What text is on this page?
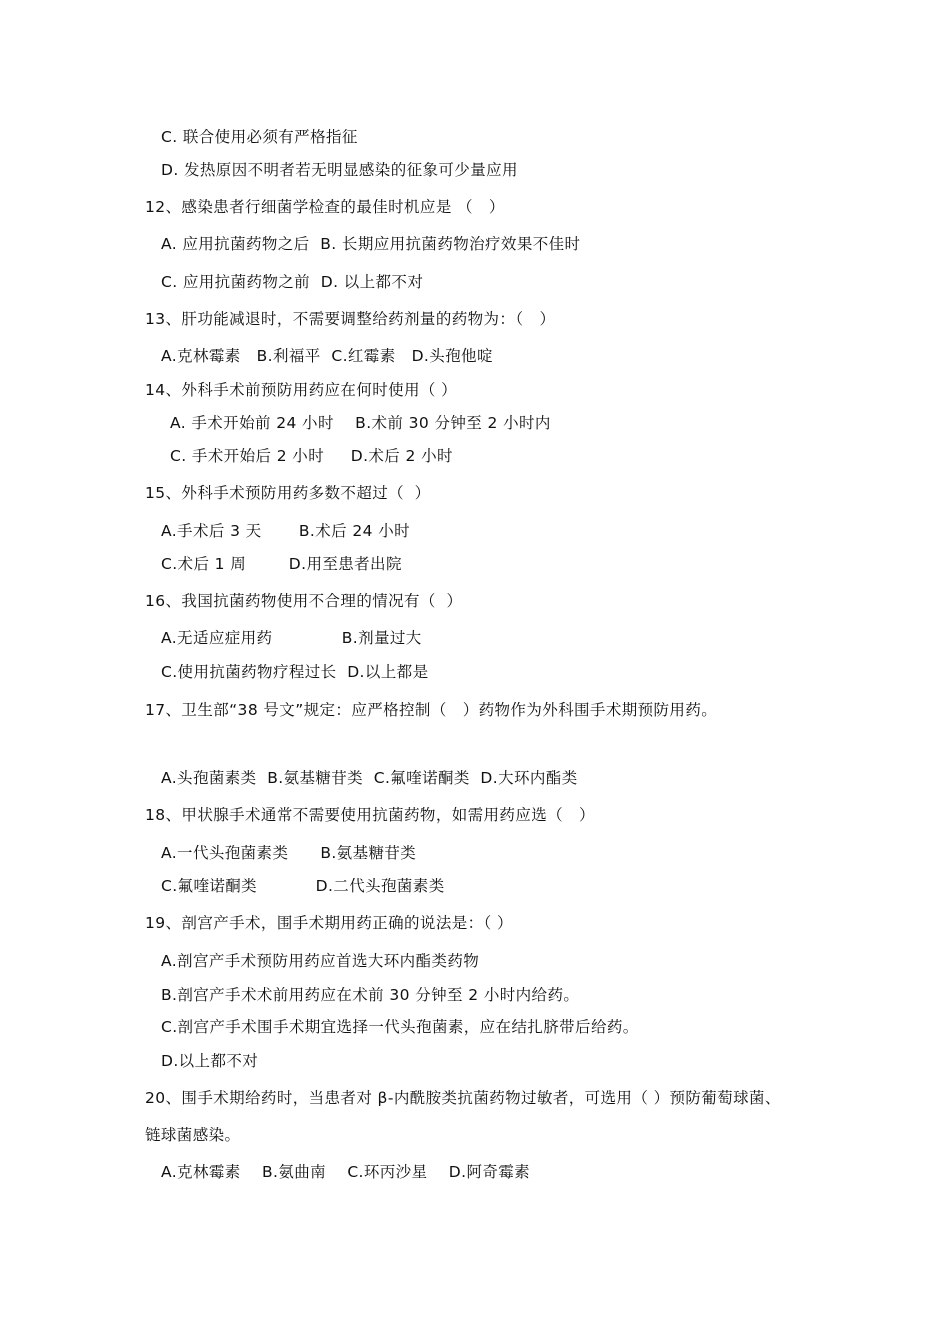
C. 联合使用必须有严格指征
D. 发热原因不明者若无明显感染的征象可少量应用
12、感染患者行细菌学检查的最佳时机应是 （   ）
A. 应用抗菌药物之后  B. 长期应用抗菌药物治疗效果不佳时
C. 应用抗菌药物之前  D. 以上都不对
13、肝功能减退时，不需要调整给药剂量的药物为：（   ）
A.克林霉素   B.利福平  C.红霉素   D.头孢他啶
14、外科手术前预防用药应在何时使用（ ）
A. 手术开始前 24 小时    B.术前 30 分钟至 2 小时内
C. 手术开始后 2 小时     D.术后 2 小时
15、外科手术预防用药多数不超过（  ）
A.手术后 3 天       B.术后 24 小时
C.术后 1 周        D.用至患者出院
16、我国抗菌药物使用不合理的情况有（  ）
A.无适应症用药             B.剂量过大
C.使用抗菌药物疗程过长  D.以上都是
17、卫生部“38 号文”规定：应严格控制（   ）药物作为外科围手术期预防用药。
A.头孢菌素类  B.氨基糖苷类  C.氟喹诺酮类  D.大环内酯类
18、甲状腺手术通常不需要使用抗菌药物，如需用药应选（   ）
A.一代头孢菌素类      B.氨基糖苷类
C.氟喹诺酮类           D.二代头孢菌素类
19、剖宫产手术，围手术期用药正确的说法是：（ ）
A.剖宫产手术预防用药应首选大环内酯类药物
B.剖宫产手术术前用药应在术前 30 分钟至 2 小时内给药。
C.剖宫产手术围手术期宜选择一代头孢菌素，应在结扎脐带后给药。
D.以上都不对
20、围手术期给药时，当患者对 β-内酰胺类抗菌药物过敏者，可选用（ ）预防葡萄球菌、
链球菌感染。
A.克林霉素    B.氨曲南    C.环丙沙星    D.阿奇霉素
